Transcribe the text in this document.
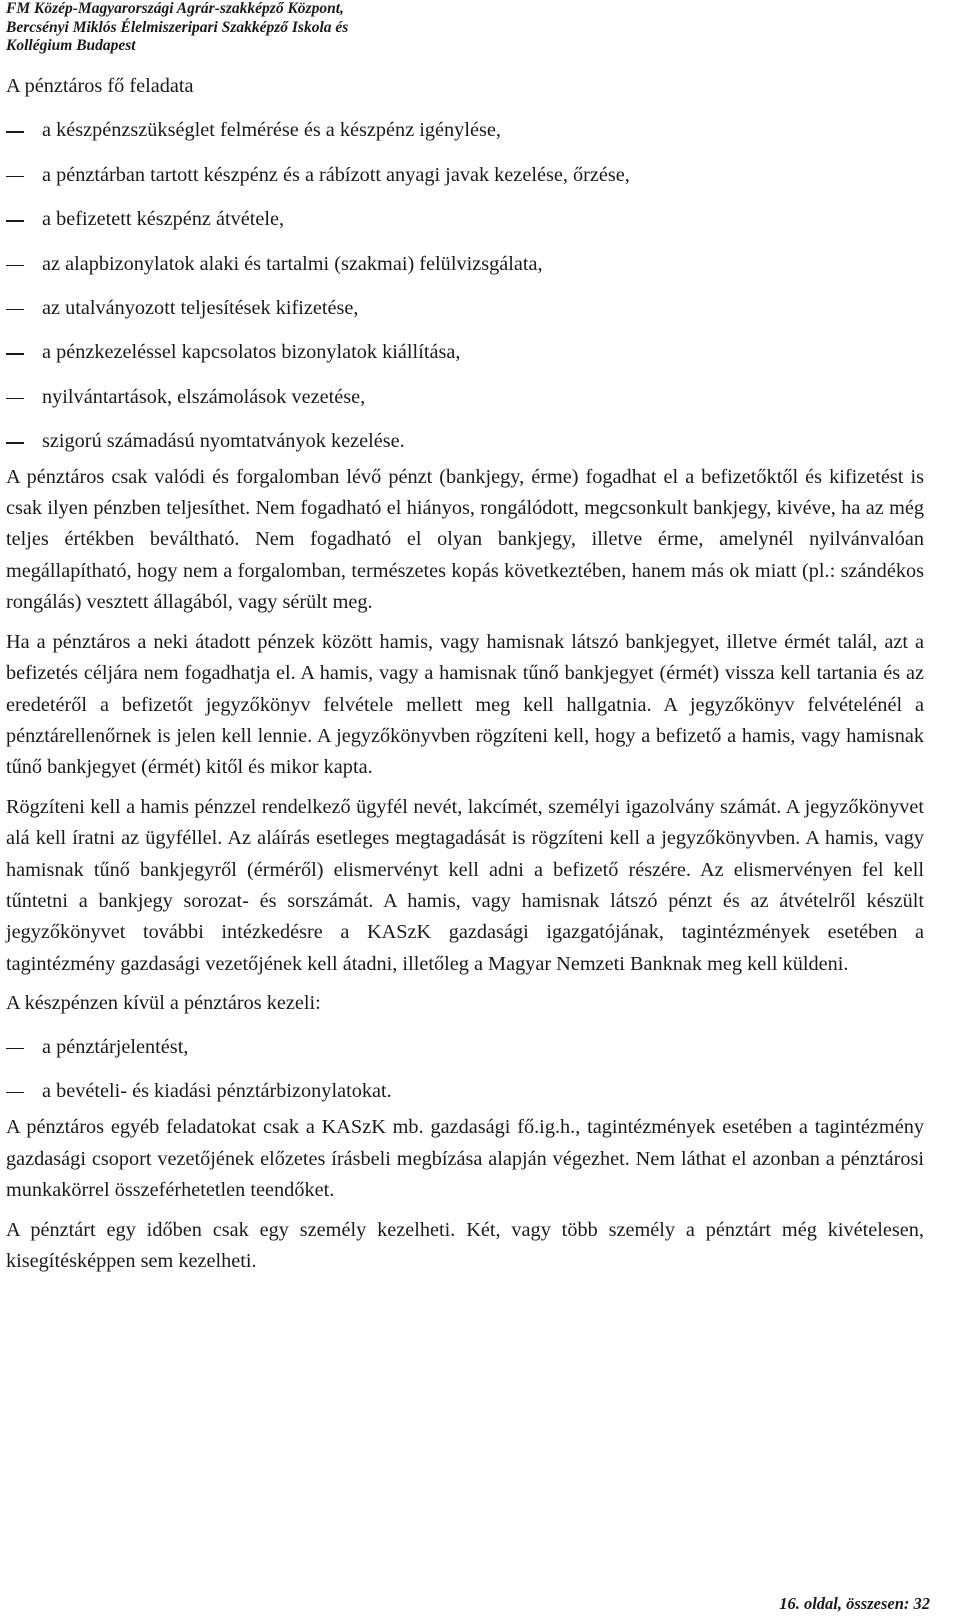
FM Közép-Magyarországi Agrár-szakképző Központ,
Bercsényi Miklós Élelmiszeripari Szakképző Iskola és
Kollégium Budapest

A pénztáros fő feladata

a készpénzszükséglet felmérése és a készpénz igénylése,
a pénztárban tartott készpénz és a rábízott anyagi javak kezelése, őrzése,
a befizetett készpénz átvétele,
az alapbizonylatok alaki és tartalmi (szakmai) felülvizsgálata,
az utalványozott teljesítések kifizetése,
a pénzkezeléssel kapcsolatos bizonylatok kiállítása,
nyilvántartások, elszámolások vezetése,
szigorú számadású nyomtatványok kezelése.

A pénztáros csak valódi és forgalomban lévő pénzt (bankjegy, érme) fogadhat el a befizetőktől és kifizetést is csak ilyen pénzben teljesíthet. Nem fogadható el hiányos, rongálódott, megcsonkult bankjegy, kivéve, ha az még teljes értékben beváltható. Nem fogadható el olyan bankjegy, illetve érme, amelynél nyilvánvalóan megállapítható, hogy nem a forgalomban, természetes kopás következtében, hanem más ok miatt (pl.: szándékos rongálás) vesztett állagából, vagy sérült meg.

Ha a pénztáros a neki átadott pénzek között hamis, vagy hamisnak látszó bankjegyet, illetve érmét talál, azt a befizetés céljára nem fogadhatja el. A hamis, vagy a hamisnak tűnő bankjegyet (érmét) vissza kell tartania és az eredetéről a befizetőt jegyzőkönyv felvétele mellett meg kell hallgatnia. A jegyzőkönyv felvételénél a pénztárellenőrnek is jelen kell lennie. A jegyzőkönyvben rögzíteni kell, hogy a befizető a hamis, vagy hamisnak tűnő bankjegyet (érmét) kitől és mikor kapta.

Rögzíteni kell a hamis pénzzel rendelkező ügyfél nevét, lakcímét, személyi igazolvány számát. A jegyzőkönyvet alá kell íratni az ügyféllel. Az aláírás esetleges megtagadását is rögzíteni kell a jegyzőkönyvben. A hamis, vagy hamisnak tűnő bankjegyről (érméről) elismervényt kell adni a befizető részére. Az elismervényen fel kell tűntetni a bankjegy sorozat- és sorszámát. A hamis, vagy hamisnak látszó pénzt és az átvételről készült jegyzőkönyvet további intézkedésre a KASzK gazdasági igazgatójának, tagintézmények esetében a tagintézmény gazdasági vezetőjének kell átadni, illetőleg a Magyar Nemzeti Banknak meg kell küldeni.

A készpénzen kívül a pénztáros kezeli:

a pénztárjelentést,
a bevételi- és kiadási pénztárbizonylatokat.

A pénztáros egyéb feladatokat csak a KASzK mb. gazdasági fő.ig.h., tagintézmények esetében a tagintézmény gazdasági csoport vezetőjének előzetes írásbeli megbízása alapján végezhet. Nem láthat el azonban a pénztárosi munkakörrel összeférhetetlen teendőket.

A pénztárt egy időben csak egy személy kezelheti. Két, vagy több személy a pénztárt még kivételesen, kisegítésképpen sem kezelheti.

16. oldal, összesen: 32
